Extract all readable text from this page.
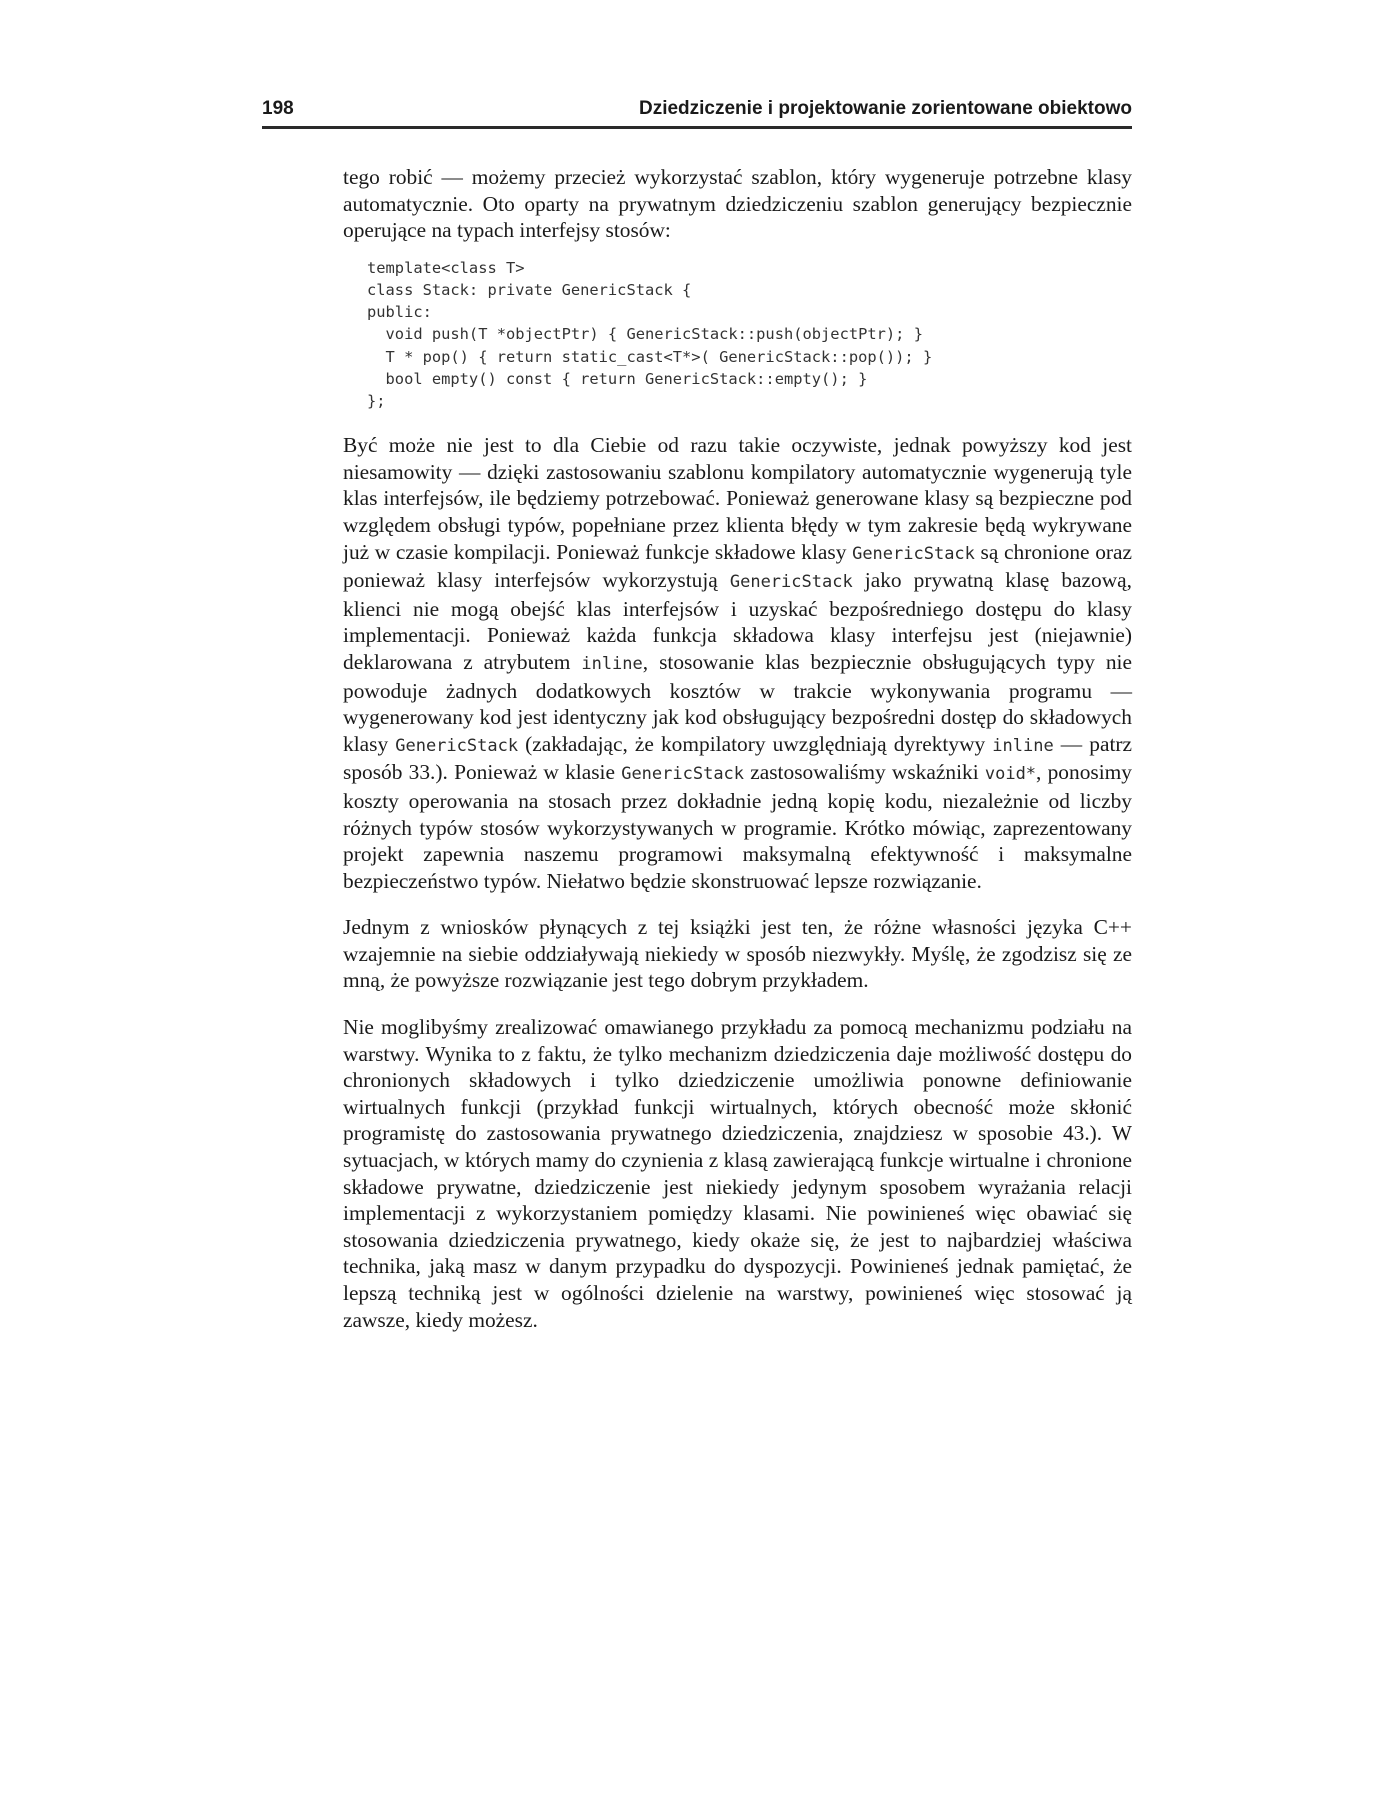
198	Dziedziczenie i projektowanie zorientowane obiektowo

tego robić — możemy przecież wykorzystać szablon, który wygeneruje potrzebne klasy automatycznie. Oto oparty na prywatnym dziedziczeniu szablon generujący bezpiecznie operujące na typach interfejsy stosów:

template<class T>
class Stack: private GenericStack {
public:
void push(T *objectPtr) { GenericStack::push(objectPtr); }
T * pop() { return static_cast<T*>( GenericStack::pop()); }
bool empty() const { return GenericStack::empty(); }
};

Być może nie jest to dla Ciebie od razu takie oczywiste, jednak powyższy kod jest niesamowity — dzięki zastosowaniu szablonu kompilatory automatycznie wygenerują tyle klas interfejsów, ile będziemy potrzebować. Ponieważ generowane klasy są bezpieczne pod względem obsługi typów, popełniane przez klienta błędy w tym zakresie będą wykrywane już w czasie kompilacji. Ponieważ funkcje składowe klasy GenericStack są chronione oraz ponieważ klasy interfejsów wykorzystują GenericStack jako prywatną klasę bazową, klienci nie mogą obejść klas interfejsów i uzyskać bezpośredniego dostępu do klasy implementacji. Ponieważ każda funkcja składowa klasy interfejsu jest (niejawnie) deklarowana z atrybutem inline, stosowanie klas bezpiecznie obsługujących typy nie powoduje żadnych dodatkowych kosztów w trakcie wykonywania programu — wygenerowany kod jest identyczny jak kod obsługujący bezpośredni dostęp do składowych klasy GenericStack (zakładając, że kompilatory uwzględniają dyrektywy inline — patrz sposób 33.). Ponieważ w klasie GenericStack zastosowaliśmy wskaźniki void*, ponosimy koszty operowania na stosach przez dokładnie jedną kopię kodu, niezależnie od liczby różnych typów stosów wykorzystywanych w programie. Krótko mówiąc, zaprezentowany projekt zapewnia naszemu programowi maksymalną efektywność i maksymalne bezpieczeństwo typów. Niełatwo będzie skonstruować lepsze rozwiązanie.

Jednym z wniosków płynących z tej książki jest ten, że różne własności języka C++ wzajemnie na siebie oddziaływają niekiedy w sposób niezwykły. Myślę, że zgodzisz się ze mną, że powyższe rozwiązanie jest tego dobrym przykładem.

Nie moglibyśmy zrealizować omawianego przykładu za pomocą mechanizmu podziału na warstwy. Wynika to z faktu, że tylko mechanizm dziedziczenia daje możliwość dostępu do chronionych składowych i tylko dziedziczenie umożliwia ponowne definiowanie wirtualnych funkcji (przykład funkcji wirtualnych, których obecność może skłonić programistę do zastosowania prywatnego dziedziczenia, znajdziesz w sposobie 43.). W sytuacjach, w których mamy do czynienia z klasą zawierającą funkcje wirtualne i chronione składowe prywatne, dziedziczenie jest niekiedy jedynym sposobem wyrażania relacji implementacji z wykorzystaniem pomiędzy klasami. Nie powinieneś więc obawiać się stosowania dziedziczenia prywatnego, kiedy okaże się, że jest to najbardziej właściwa technika, jaką masz w danym przypadku do dyspozycji. Powinieneś jednak pamiętać, że lepszą techniką jest w ogólności dzielenie na warstwy, powinieneś więc stosować ją zawsze, kiedy możesz.
